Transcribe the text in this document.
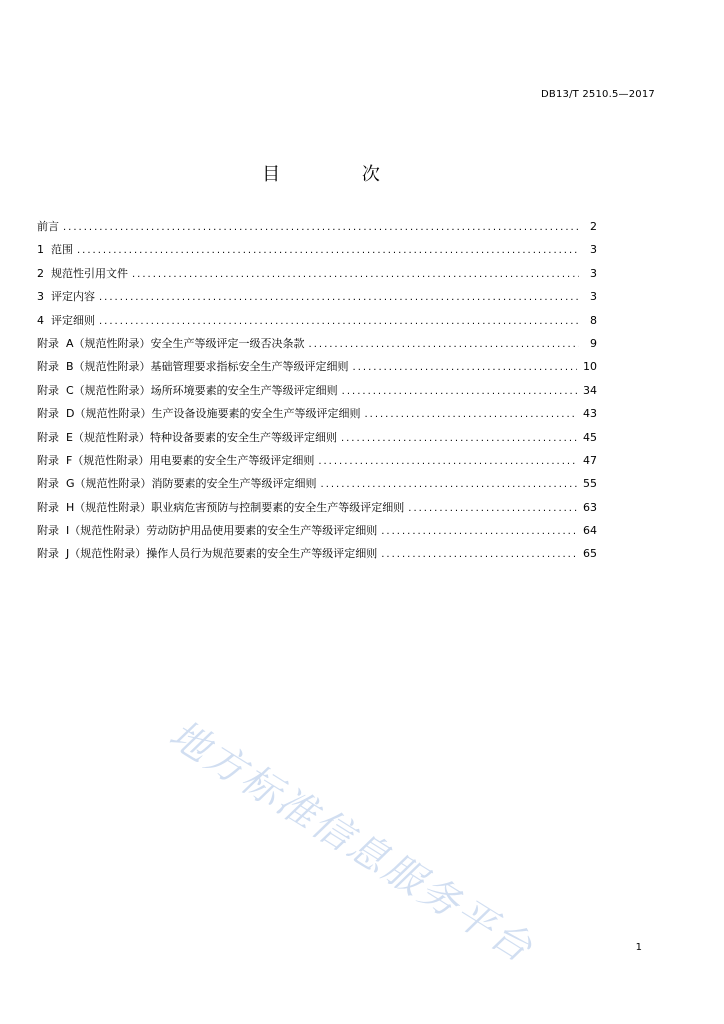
DB13/T 2510.5—2017
目 次
前言 .....	2
1  范围 .....	3
2  规范性引用文件 .....	3
3  评定内容 .....	3
4  评定细则 .....	8
附录  A（规范性附录）安全生产等级评定一级否决条款 .....	9
附录  B（规范性附录）基础管理要求指标安全生产等级评定细则 .....	10
附录  C（规范性附录）场所环境要素的安全生产等级评定细则 .....	34
附录  D（规范性附录）生产设备设施要素的安全生产等级评定细则 .....	43
附录  E（规范性附录）特种设备要素的安全生产等级评定细则 .....	45
附录  F（规范性附录）用电要素的安全生产等级评定细则 .....	47
附录  G（规范性附录）消防要素的安全生产等级评定细则 .....	55
附录  H（规范性附录）职业病危害预防与控制要素的安全生产等级评定细则 .....	63
附录  I（规范性附录）劳动防护用品使用要素的安全生产等级评定细则 .....	64
附录  J（规范性附录）操作人员行为规范要素的安全生产等级评定细则 .....	65
地方标准信息服务平台	1
